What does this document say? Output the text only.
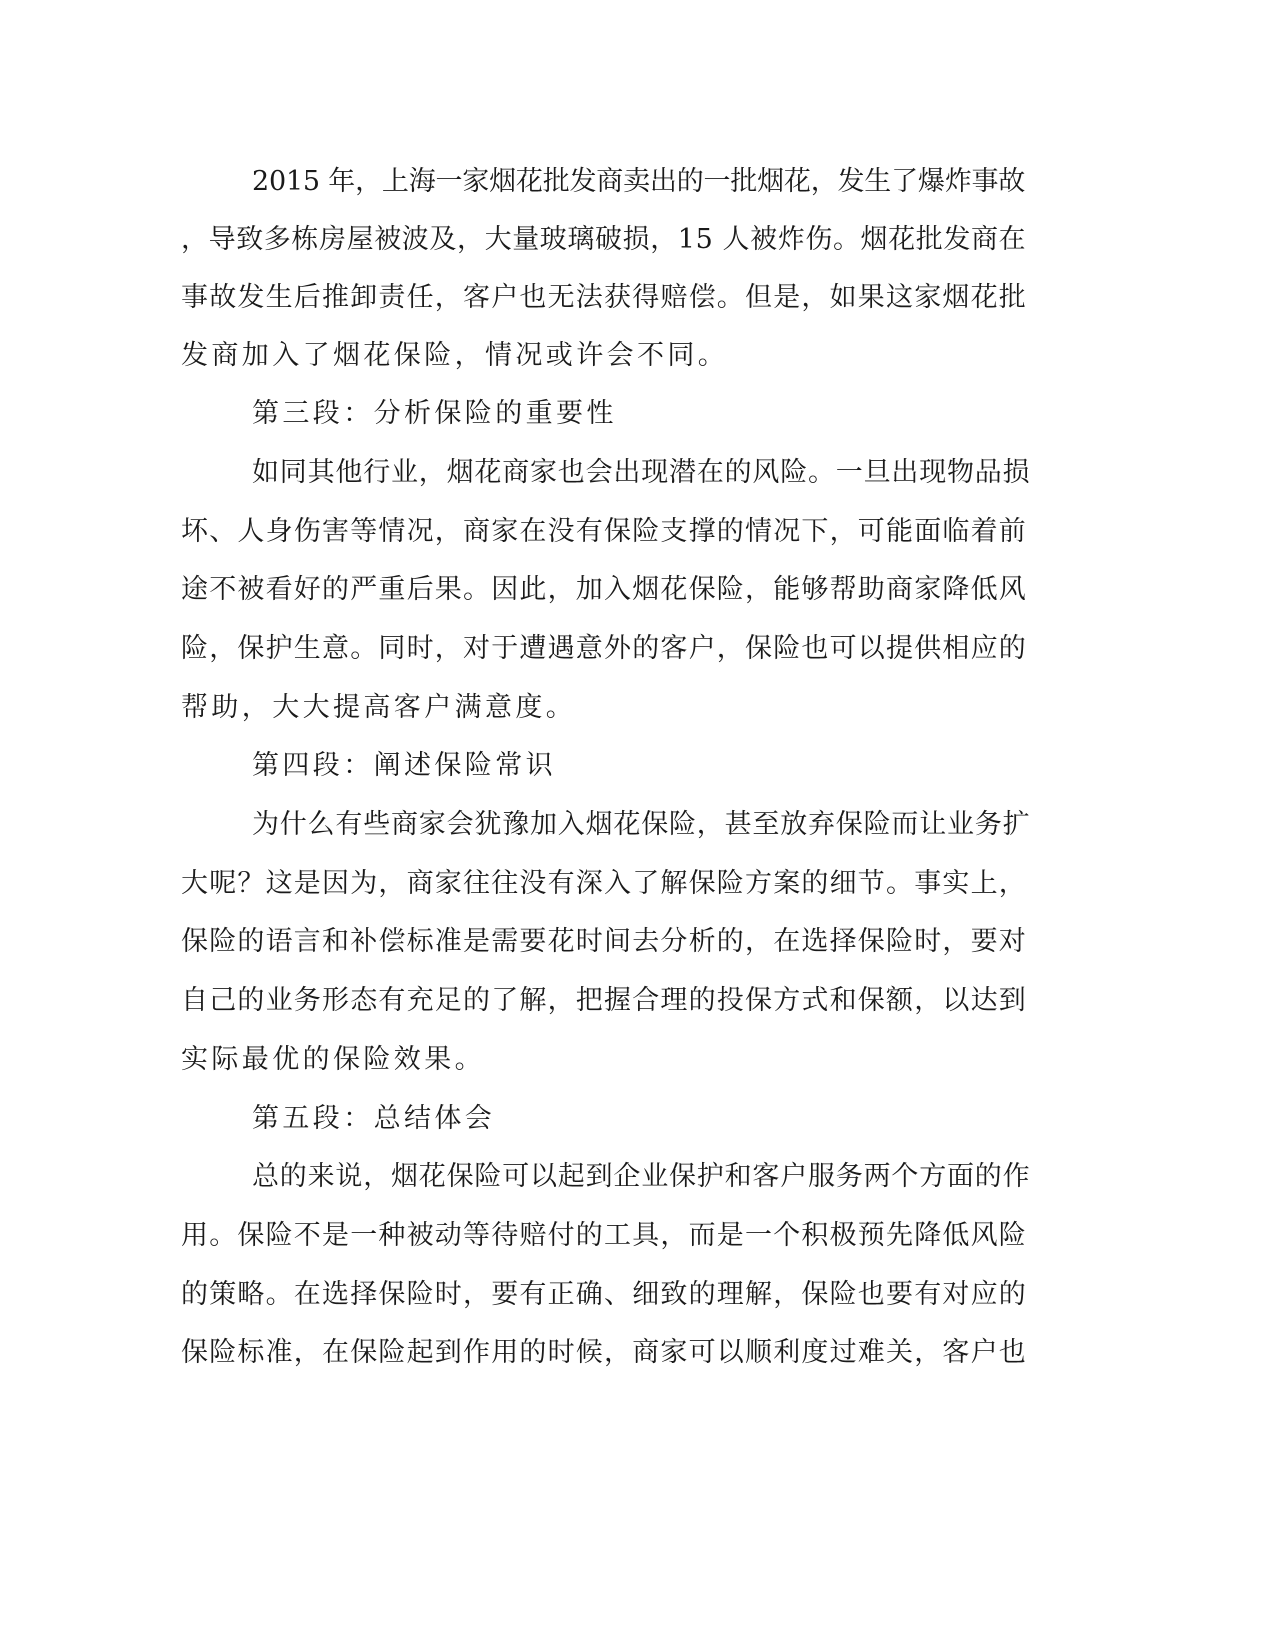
2015 年，上海一家烟花批发商卖出的一批烟花，发生了爆炸事故
，导致多栋房屋被波及，大量玻璃破损，15 人被炸伤。烟花批发商在
事故发生后推卸责任，客户也无法获得赔偿。但是，如果这家烟花批
发商加入了烟花保险，情况或许会不同。
第三段：分析保险的重要性
如同其他行业，烟花商家也会出现潜在的风险。一旦出现物品损
坏、人身伤害等情况，商家在没有保险支撑的情况下，可能面临着前
途不被看好的严重后果。因此，加入烟花保险，能够帮助商家降低风
险，保护生意。同时，对于遭遇意外的客户，保险也可以提供相应的
帮助，大大提高客户满意度。
第四段：阐述保险常识
为什么有些商家会犹豫加入烟花保险，甚至放弃保险而让业务扩
大呢？这是因为，商家往往没有深入了解保险方案的细节。事实上，
保险的语言和补偿标准是需要花时间去分析的，在选择保险时，要对
自己的业务形态有充足的了解，把握合理的投保方式和保额，以达到
实际最优的保险效果。
第五段：总结体会
总的来说，烟花保险可以起到企业保护和客户服务两个方面的作
用。保险不是一种被动等待赔付的工具，而是一个积极预先降低风险
的策略。在选择保险时，要有正确、细致的理解，保险也要有对应的
保险标准，在保险起到作用的时候，商家可以顺利度过难关，客户也
